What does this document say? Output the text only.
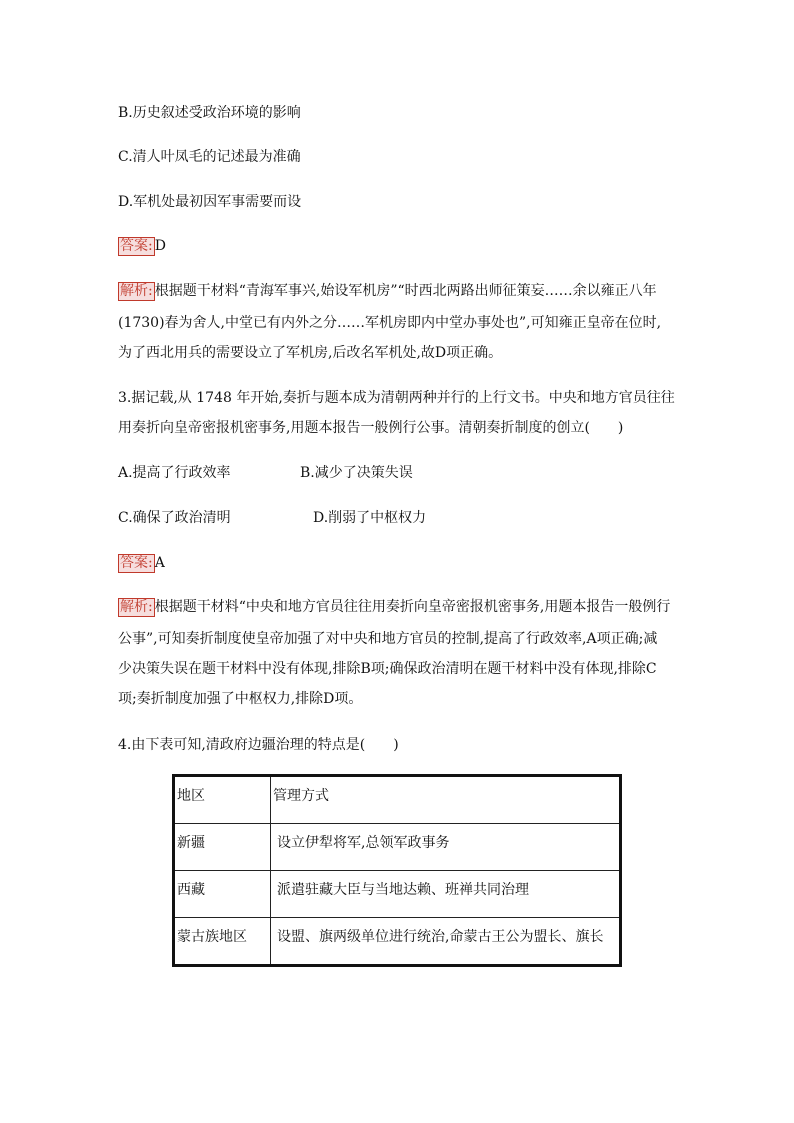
B.历史叙述受政治环境的影响
C.清人叶凤毛的记述最为准确
D.军机处最初因军事需要而设
答案: D
解析: 根据题干材料“青海军事兴,始设军机房”“时西北两路出师征策妄……余以雍正八年
(1730)春为舍人,中堂已有内外之分……军机房即内中堂办事处也”,可知雍正皇帝在位时,
为了西北用兵的需要设立了军机房,后改名军机处,故D项正确。
3.据记载,从 1748 年开始,奏折与题本成为清朝两种并行的上行文书。中央和地方官员往往
用奏折向皇帝密报机密事务,用题本报告一般例行公事。清朝奏折制度的创立(　　)
A.提高了行政效率	B.减少了决策失误
C.确保了政治清明	D.削弱了中枢权力
答案: A
解析: 根据题干材料“中央和地方官员往往用奏折向皇帝密报机密事务,用题本报告一般例行
公事”,可知奏折制度使皇帝加强了对中央和地方官员的控制,提高了行政效率,A项正确;减
少决策失误在题干材料中没有体现,排除B项;确保政治清明在题干材料中没有体现,排除C
项;奏折制度加强了中枢权力,排除D项。
4.由下表可知,清政府边疆治理的特点是(　　)
地区	管理方式
新疆	设立伊犁将军,总领军政事务
西藏	派遣驻藏大臣与当地达赖、班禅共同治理
蒙古族地区	设盟、旗两级单位进行统治,命蒙古王公为盟长、旗长
